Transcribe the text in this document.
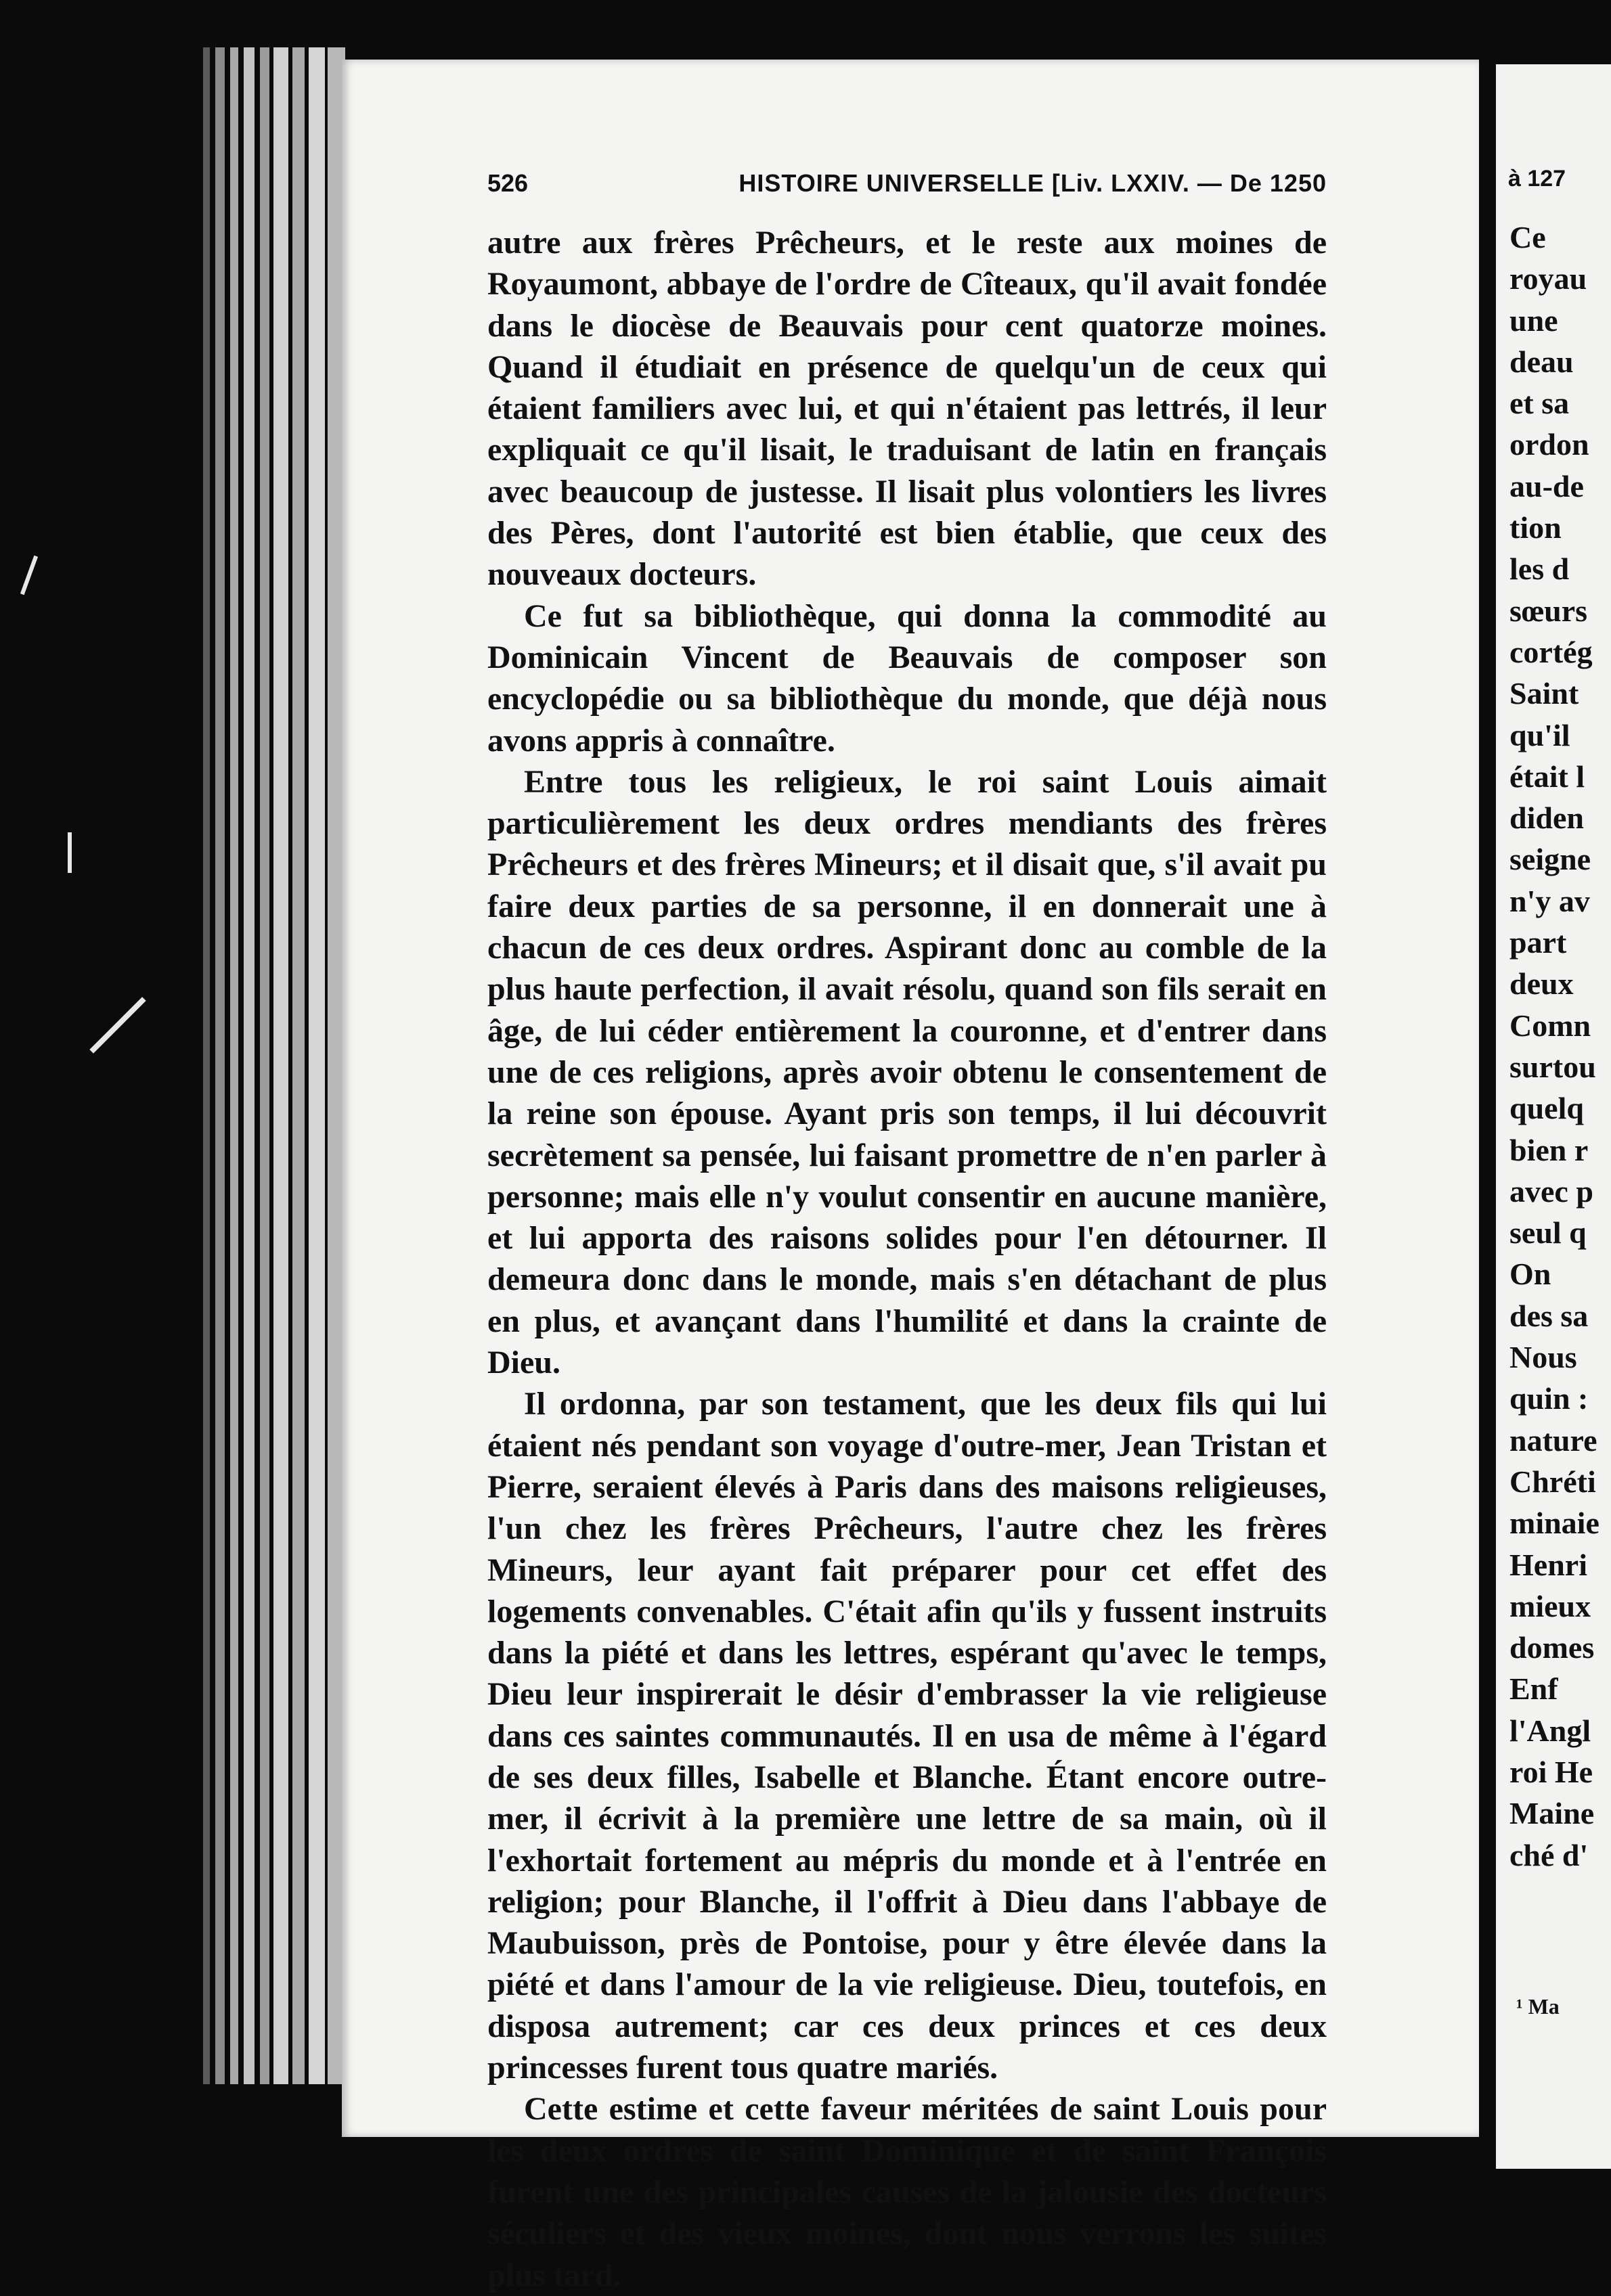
526	HISTOIRE UNIVERSELLE [Liv. LXXIV. — De 1250

autre aux frères Prêcheurs, et le reste aux moines de Royaumont, abbaye de l'ordre de Cîteaux, qu'il avait fondée dans le diocèse de Beauvais pour cent quatorze moines. Quand il étudiait en présence de quelqu'un de ceux qui étaient familiers avec lui, et qui n'étaient pas lettrés, il leur expliquait ce qu'il lisait, le traduisant de latin en français avec beaucoup de justesse. Il lisait plus volontiers les livres des Pères, dont l'autorité est bien établie, que ceux des nouveaux docteurs.

Ce fut sa bibliothèque, qui donna la commodité au Dominicain Vincent de Beauvais de composer son encyclopédie ou sa bibliothèque du monde, que déjà nous avons appris à connaître.

Entre tous les religieux, le roi saint Louis aimait particulièrement les deux ordres mendiants des frères Prêcheurs et des frères Mineurs; et il disait que, s'il avait pu faire deux parties de sa personne, il en donnerait une à chacun de ces deux ordres. Aspirant donc au comble de la plus haute perfection, il avait résolu, quand son fils serait en âge, de lui céder entièrement la couronne, et d'entrer dans une de ces religions, après avoir obtenu le consentement de la reine son épouse. Ayant pris son temps, il lui découvrit secrètement sa pensée, lui faisant promettre de n'en parler à personne; mais elle n'y voulut consentir en aucune manière, et lui apporta des raisons solides pour l'en détourner. Il demeura donc dans le monde, mais s'en détachant de plus en plus, et avançant dans l'humilité et dans la crainte de Dieu.

Il ordonna, par son testament, que les deux fils qui lui étaient nés pendant son voyage d'outre-mer, Jean Tristan et Pierre, seraient élevés à Paris dans des maisons religieuses, l'un chez les frères Prêcheurs, l'autre chez les frères Mineurs, leur ayant fait préparer pour cet effet des logements convenables. C'était afin qu'ils y fussent instruits dans la piété et dans les lettres, espérant qu'avec le temps, Dieu leur inspirerait le désir d'embrasser la vie religieuse dans ces saintes communautés. Il en usa de même à l'égard de ses deux filles, Isabelle et Blanche. Étant encore outre-mer, il écrivit à la première une lettre de sa main, où il l'exhortait fortement au mépris du monde et à l'entrée en religion; pour Blanche, il l'offrit à Dieu dans l'abbaye de Maubuisson, près de Pontoise, pour y être élevée dans la piété et dans l'amour de la vie religieuse. Dieu, toutefois, en disposa autrement; car ces deux princes et ces deux princesses furent tous quatre mariés.

Cette estime et cette faveur méritées de saint Louis pour les deux ordres de saint Dominique et de saint François furent une des principales causes de la jalousie des docteurs séculiers et des vieux moines, dont nous verrons les suites plus tard.

à 127
Ce
royau
une
deau
et sa
ordon
au-de
tion
les d
sœurs
cortég
Saint
qu'il
était l
diden
seigne
n'y av
part
deux
Comn
surtou
quelq
bien r
avec p
seul q
On
des sa
Nous
quin :
nature
Chréti
minaie
Henri
mieux
domes
Enf
l'Angl
roi He
Maine
ché d'
¹ Ma
